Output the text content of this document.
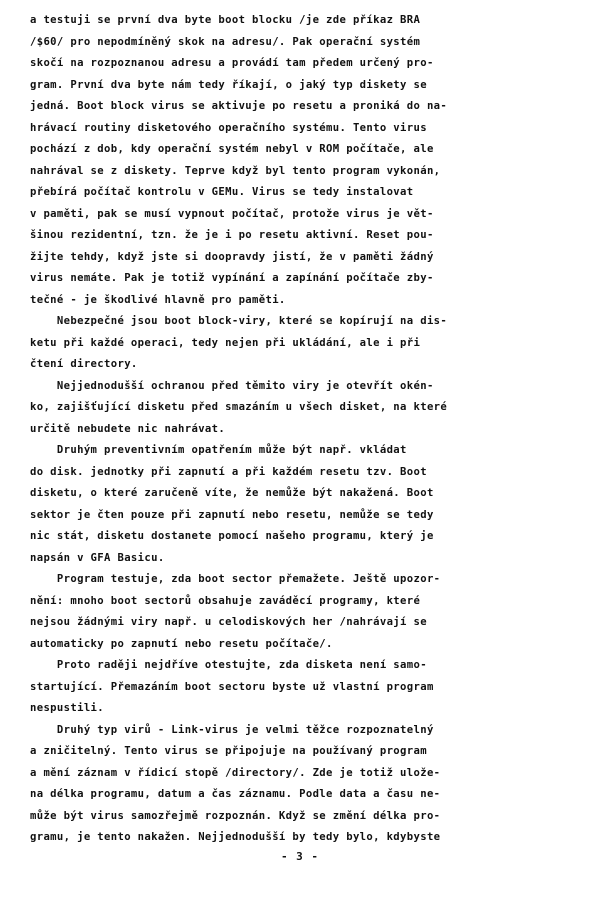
a testuji se první dva byte boot blocku /je zde příkaz BRA
/$60/ pro nepodmíněný skok na adresu/. Pak operační systém
skočí na rozpoznanou adresu a provádí tam předem určený pro-
gram. První dva byte nám tedy říkají, o jaký typ diskety se
jedná. Boot block virus se aktivuje po resetu a proniká do na-
hrávací routiny disketového operačního systému. Tento virus
pochází z dob, kdy operační systém nebyl v ROM počítače, ale
nahrával se z diskety. Teprve když byl tento program vykonán,
přebírá počítač kontrolu v GEMu. Virus se tedy instalovat
v paměti, pak se musí vypnout počítač, protože virus je vět-
šinou rezidentní, tzn. že je i po resetu aktivní. Reset pou-
žijte tehdy, když jste si doopravdy jistí, že v paměti žádný
virus nemáte. Pak je totiž vypínání a zapínání počítače zby-
tečné - je škodlivé hlavně pro paměti.
Nebezpečné jsou boot block-viry, které se kopírují na dis-
ketu při každé operaci, tedy nejen při ukládání, ale i při
čtení directory.
Nejjednodušší ochranou před těmito viry je otevřít okén-
ko, zajišťující disketu před smazáním u všech disket, na které
určitě nebudete nic nahrávat.
Druhým preventivním opatřením může být např. vkládat
do disk. jednotky při zapnutí a při každém resetu tzv. Boot
disketu, o které zaručeně víte, že nemůže být nakažená. Boot
sektor je čten pouze při zapnutí nebo resetu, nemůže se tedy
nic stát, disketu dostanete pomocí našeho programu, který je
napsán v GFA Basicu.
Program testuje, zda boot sector přemažete. Ještě upozor-
nění: mnoho boot sectorů obsahuje zaváděcí programy, které
nejsou žádnými viry např. u celodiskových her /nahrávají se
automaticky po zapnutí nebo resetu počítače/.
Proto raději nejdříve otestujte, zda disketa není samo-
startující. Přemazáním boot sectoru byste už vlastní program
nespustili.
Druhý typ virů - Link-virus je velmi těžce rozpoznatelný
a zničitelný. Tento virus se připojuje na používaný program
a mění záznam v řídicí stopě /directory/. Zde je totiž ulože-
na délka programu, datum a čas záznamu. Podle data a času ne-
může být virus samozřejmě rozpoznán. Když se změní délka pro-
gramu, je tento nakažen. Nejjednodušší by tedy bylo, kdybyste
- 3 -
